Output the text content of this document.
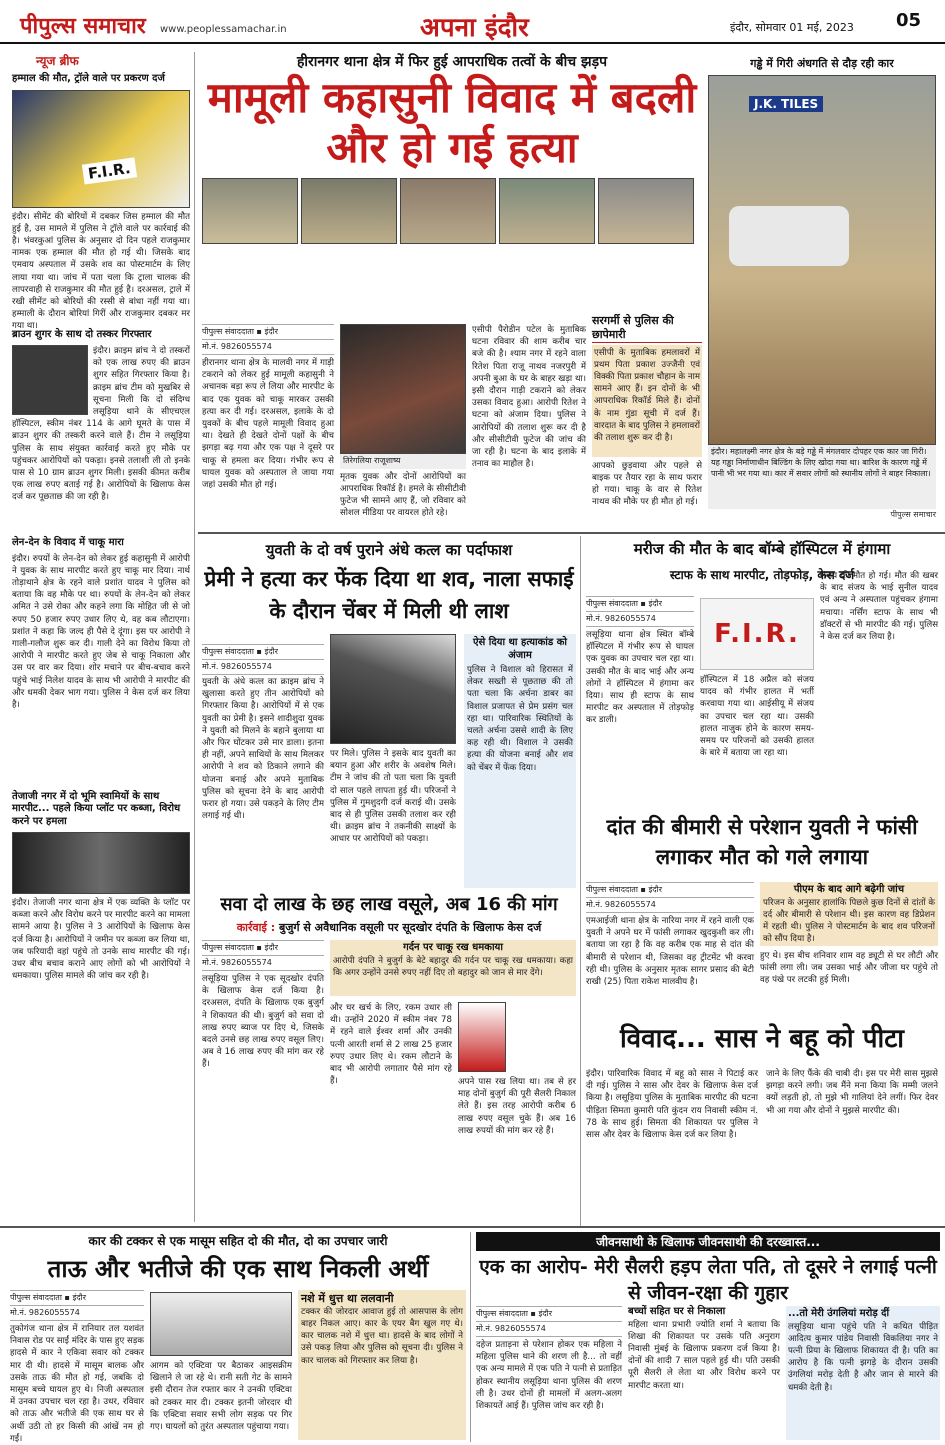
पीपुल्स समाचार www.peoplessamachar.in	अपना इंदौर	इंदौर, सोमवार 01 मई, 2023 05
न्यूज ब्रीफ
हम्माल की मौत, ट्रॉले वाले पर प्रकरण दर्ज
F.I.R.
इंदौर। सीमेंट की बोरियों में दबकर जिस हम्माल की मौत हुई है, उस मामले में पुलिस ने ट्रॉले वाले पर कार्रवाई की है। भंवरकुआं पुलिस के अनुसार दो दिन पहले राजकुमार नामक एक हम्माल की मौत हो गई थी। जिसके बाद एमवाय अस्पताल में उसके शव का पोस्टमार्टम के लिए लाया गया था। जांच में पता चला कि ट्राला चालक की लापरवाही से राजकुमार की मौत हुई है। दरअसल, ट्राले में रखी सीमेंट को बोरियों की रस्सी से बांधा नहीं गया था। हम्माली के दौरान बोरियां गिरीं और राजकुमार दबकर मर गया था।
ब्राउन शुगर के साथ दो तस्कर गिरफ्तार
इंदौर। क्राइम ब्रांच ने दो तस्करों को एक लाख रुपए की ब्राउन शुगर सहित गिरफ्तार किया है। क्राइम ब्रांच टीम को मुखबिर से सूचना मिली कि दो संदिग्ध लसूड़िया थाने के सीएचएल हॉस्पिटल, स्कीम नंबर 114 के आगे घूमते के पास में ब्राउन शुगर की तस्करी करने वाले हैं। टीम ने लसूड़िया पुलिस के साथ संयुक्त कार्रवाई करते हुए मौके पर पहुंचकर आरोपियों को पकड़ा। इनसे तलाशी ली तो इनके पास से 10 ग्राम ब्राउन शुगर मिली। इसकी कीमत करीब एक लाख रुपए बताई गई है। आरोपियों के खिलाफ केस दर्ज कर पूछताछ की जा रही है।
लेन-देन के विवाद में चाकू मारा
इंदौर। रुपयों के लेन-देन को लेकर हुई कहासुनी में आरोपी ने युवक के साथ मारपीट करते हुए चाकू मार दिया। नार्थ तोड़ाथाने क्षेत्र के रहने वाले प्रशांत यादव ने पुलिस को बताया कि वह मौके पर था। रुपयों के लेन-देन को लेकर अमित ने उसे रोका और कहने लगा कि मोहित जी से जो रुपए 50 हजार रुपए उधार लिए थे, वह कब लौटाएगा। प्रशांत ने कहा कि जल्द ही पैसे दे दूंगा। इस पर आरोपी ने गाली-गलौज शुरू कर दी। गाली देने का विरोध किया तो आरोपी ने मारपीट करते हुए जेब से चाकू निकाला और उस पर वार कर दिया। शोर मचाने पर बीच-बचाव करने पहुंचे भाई निलेश यादव के साथ भी आरोपी ने मारपीट की और धमकी देकर भाग गया। पुलिस ने केस दर्ज कर लिया है।
तेजाजी नगर में दो भूमि स्वामियों के साथ मारपीट... पहले किया प्लॉट पर कब्जा, विरोध करने पर हमला
इंदौर। तेजाजी नगर थाना क्षेत्र में एक व्यक्ति के प्लॉट पर कब्जा करने और विरोध करने पर मारपीट करने का मामला सामने आया है। पुलिस ने 3 आरोपियों के खिलाफ केस दर्ज किया है। आरोपियों ने जमीन पर कब्जा कर लिया था, जब फरियादी वहां पहुंचे तो उनके साथ मारपीट की गई। उधर बीच बचाव कराने आए लोगों को भी आरोपियों ने धमकाया। पुलिस मामले की जांच कर रही है।
हीरानगर थाना क्षेत्र में फिर हुई आपराधिक तत्वों के बीच झड़प
मामूली कहासुनी विवाद में बदली और हो गई हत्या
पीपुल्स संवाददाता ▪ इंदौर
मो.नं. 9826055574
हीरानगर थाना क्षेत्र के मालवी नगर में गाड़ी टकराने को लेकर हुई मामूली कहासुनी ने अचानक बड़ा रूप ले लिया और मारपीट के बाद एक युवक को चाकू मारकर उसकी हत्या कर दी गई। दरअसल, इलाके के दो युवकों के बीच पहले मामूली विवाद हुआ था। देखते ही देखते दोनों पक्षों के बीच झगड़ा बढ़ गया और एक पक्ष ने दूसरे पर चाकू से हमला कर दिया। गंभीर रूप से घायल युवक को अस्पताल ले जाया गया जहां उसकी मौत हो गई।
तिरेगलिया राजूशाष्य
मृतक युवक और दोनों आरोपियों का आपराधिक रिकॉर्ड है। हमले के सीसीटीवी फुटेज भी सामने आए हैं, जो रविवार को सोशल मीडिया पर वायरल होते रहे।
एसीपी पैरोडीन पटेल के मुताबिक घटना रविवार की शाम करीब चार बजे की है। श्याम नगर में रहने वाला रितेश पिता राजू नाथव नजरपुरी में अपनी बुआ के घर के बाहर खड़ा था। इसी दौरान गाड़ी टकराने को लेकर उसका विवाद हुआ। आरोपी रितेश ने घटना को अंजाम दिया। पुलिस ने आरोपियों की तलाश शुरू कर दी है और सीसीटीवी फुटेज की जांच की जा रही है। घटना के बाद इलाके में तनाव का माहौल है।
सरगर्मी से पुलिस की छापेमारी
एसीपी के मुताबिक हमलावरों में प्रथम पिता प्रकाश उज्जैनी एवं विक्की पिता प्रकाश चौहान के नाम सामने आए हैं। इन दोनों के भी आपराधिक रिकॉर्ड मिले हैं। दोनों के नाम गुंडा सूची में दर्ज हैं। वारदात के बाद पुलिस ने हमलावरों की तलाश शुरू कर दी है।
आपको छुड़वाया और पहले से बाइक पर तैयार रहा के साथ फरार हो गया। चाकू के वार से रितेश नाथव की मौके पर ही मौत हो गई।
गड्ढे में गिरी अंधगति से दौड़ रही कार
J.K. TILES
इंदौर। महालक्ष्मी नगर क्षेत्र के बड़े गड्ढे में मंगलवार दोपहर एक कार जा गिरी। यह गड्ढा निर्माणाधीन बिल्डिंग के लिए खोदा गया था। बारिश के कारण गड्ढे में पानी भी भर गया था। कार में सवार लोगों को स्थानीय लोगों ने बाहर निकाला।
पीपुल्स समाचार
युवती के दो वर्ष पुराने अंधे कत्ल का पर्दाफाश
प्रेमी ने हत्या कर फेंक दिया था शव, नाला सफाई के दौरान चेंबर में मिली थी लाश
पीपुल्स संवाददाता ▪ इंदौर
मो.नं. 9826055574
युवती के अंधे कत्ल का क्राइम ब्रांच ने खुलासा करते हुए तीन आरोपियों को गिरफ्तार किया है। आरोपियों में से एक युवती का प्रेमी है। इसने शादीशुदा युवक ने युवती को मिलने के बहाने बुलाया था और फिर घोंटकर उसे मार डाला। इतना ही नहीं, अपने साथियों के साथ मिलकर आरोपी ने शव को ठिकाने लगाने की योजना बनाई और अपने मुताबिक पुलिस को सूचना देने के बाद आरोपी फरार हो गया। उसे पकड़ने के लिए टीम लगाई गई थी।
पर मिले। पुलिस ने इसके बाद युवती का बयान हुआ और शरीर के अवशेष मिले। टीम ने जांच की तो पता चला कि युवती दो साल पहले लापता हुई थी। परिजनों ने पुलिस में गुमशुदगी दर्ज कराई थी। उसके बाद से ही पुलिस उसकी तलाश कर रही थी। क्राइम ब्रांच ने तकनीकी साक्ष्यों के आधार पर आरोपियों को पकड़ा।
ऐसे दिया था हत्याकांड को अंजाम
पुलिस ने विशाल को हिरासत में लेकर सख्ती से पूछताछ की तो पता चला कि अर्चना डाबर का विशाल प्रजापत से प्रेम प्रसंग चल रहा था। पारिवारिक स्थितियों के चलते अर्चना उससे शादी के लिए कह रही थी। विशाल ने उसकी हत्या की योजना बनाई और शव को चेंबर में फेंक दिया।
सवा दो लाख के छह लाख वसूले, अब 16 की मांग
कार्रवाई : बुजुर्ग से अवैधानिक वसूली पर सूदखोर दंपति के खिलाफ केस दर्ज
पीपुल्स संवाददाता ▪ इंदौर
मो.नं. 9826055574
लसूड़िया पुलिस ने एक सूदखोर दंपति के खिलाफ केस दर्ज किया है। दरअसल, दंपति के खिलाफ एक बुजुर्ग ने शिकायत की थी। बुजुर्ग को सवा दो लाख रुपए ब्याज पर दिए थे, जिसके बदले उनसे छह लाख रुपए वसूल लिए। अब वे 16 लाख रुपए की मांग कर रहे हैं।
गर्दन पर चाकू रख धमकाया
आरोपी दंपति ने बुजुर्ग के बेटे बहादुर की गर्दन पर चाकू रख धमकाया। कहा कि अगर उन्होंने उनसे रुपए नहीं दिए तो बहादुर को जान से मार देंगे।
और घर खर्च के लिए, रकम उधार ली थी। उन्होंने 2020 में स्कीम नंबर 78 में रहने वाले ईश्वर शर्मा और उनकी पत्नी आरती शर्मा से 2 लाख 25 हजार रुपए उधार लिए थे। रकम लौटाने के बाद भी आरोपी लगातार पैसे मांग रहे हैं।	अपने पास रख लिया था। तब से हर माह दोनों बुजुर्ग की पूरी सैलरी निकाल लेते हैं। इस तरह आरोपी करीब 6 लाख रुपए वसूल चुके हैं। अब 16 लाख रुपयों की मांग कर रहे हैं।
मरीज की मौत के बाद बॉम्बे हॉस्पिटल में हंगामा
स्टाफ के साथ मारपीट, तोड़फोड़, केस दर्ज
पीपुल्स संवाददाता ▪ इंदौर
मो.नं. 9826055574
लसूड़िया थाना क्षेत्र स्थित बॉम्बे हॉस्पिटल में गंभीर रूप से घायल एक युवक का उपचार चल रहा था। उसकी मौत के बाद भाई और अन्य लोगों ने हॉस्पिटल में हंगामा कर दिया। साथ ही स्टाफ के साथ मारपीट कर अस्पताल में तोड़फोड़ कर डाली।
F.I.R.
हॉस्पिटल में 18 अप्रैल को संजय यादव को गंभीर हालत में भर्ती करवाया गया था। आईसीयू में संजय का उपचार चल रहा था। उसकी हालत नाजुक होने के कारण समय-समय पर परिजनों को उसकी हालत के बारे में बताया जा रहा था।
संजय की मौत हो गई। मौत की खबर के बाद संजय के भाई सुनील यादव एवं अन्य ने अस्पताल पहुंचकर हंगामा मचाया। नर्सिंग स्टाफ के साथ भी डॉक्टरों से भी मारपीट की गई। पुलिस ने केस दर्ज कर लिया है।
दांत की बीमारी से परेशान युवती ने फांसी लगाकर मौत को गले लगाया
पीपुल्स संवाददाता ▪ इंदौर
मो.नं. 9826055574
एमआईजी थाना क्षेत्र के नारिया नगर में रहने वाली एक युवती ने अपने घर में फांसी लगाकर खुदकुशी कर ली। बताया जा रहा है कि वह करीब एक माह से दांत की बीमारी से परेशान थी, जिसका वह ट्रीटमेंट भी करवा रही थी। पुलिस के अनुसार मृतक सागर प्रसाद की बेटी राखी (25) पिता राकेश मालवीय है।
पीएम के बाद आगे बढ़ेगी जांच
परिजन के अनुसार हालांकि पिछले कुछ दिनों से दांतों के दर्द और बीमारी से परेशान थी। इस कारण वह डिप्रेशन में रहती थी। पुलिस ने पोस्टमार्टम के बाद शव परिजनों को सौंप दिया है।
हुए थे। इस बीच शनिवार शाम वह ड्यूटी से घर लौटी और फांसी लगा ली। जब उसका भाई और जीजा घर पहुंचे तो वह पंखे पर लटकी हुई मिली।
विवाद... सास ने बहू को पीटा
इंदौर। पारिवारिक विवाद में बहू को सास ने पिटाई कर दी गई। पुलिस ने सास और देवर के खिलाफ केस दर्ज किया है। लसूड़िया पुलिस के मुताबिक मारपीट की घटना पीड़िता सिमता कुमारी पति कुंदन राय निवासी स्कीम नं. 78 के साथ हुई। सिमता की शिकायत पर पुलिस ने सास और देवर के खिलाफ केस दर्ज कर लिया है।
जाने के लिए फैंके की चाबी दी। इस पर मेरी सास मुझसे झगड़ा करने लगी। जब मैंने मना किया कि मम्मी जलने क्यों लड़ती हो, तो मुझे भी गालियां देने लगीं। फिर देवर भी आ गया और दोनों ने मुझसे मारपीट की।
कार की टक्कर से एक मासूम सहित दो की मौत, दो का उपचार जारी
ताऊ और भतीजे की एक साथ निकली अर्थी
पीपुल्स संवाददाता ▪ इंदौर
मो.नं. 9826055574
तुकोगंज थाना क्षेत्र में रानियार तल यशवंत निवास रोड पर साईं मंदिर के पास हुए सड़क हादसे में कार ने एकिवा सवार को टक्कर मार दी थी। हादसे में मासूम बालक और उसके ताऊ की मौत हो गई, जबकि दो मासूम बच्चे घायल हुए थे। निजी अस्पताल में उनका उपचार चल रहा है। उधर, रविवार को ताऊ और भतीजे की एक साथ घर से अर्थी उठी तो हर किसी की आंखें नम हो गईं।
आगम को एक्टिवा पर बैठाकर आइसक्रीम खिलाने ले जा रहे थे। रानी सती गेट के सामने इसी दौरान तेज रफ्तार कार ने उनकी एक्टिवा को टक्कर मार दी। टक्कर इतनी जोरदार थी कि एक्टिवा सवार सभी लोग सड़क पर गिर गए। घायलों को तुरंत अस्पताल पहुंचाया गया।
नशे में धुत्त था ललवानी
टक्कर की जोरदार आवाज हुई तो आसपास के लोग बाहर निकल आए। कार के एयर बैग खुल गए थे। कार चालक नशे में धुत्त था। हादसे के बाद लोगों ने उसे पकड़ लिया और पुलिस को सूचना दी। पुलिस ने कार चालक को गिरफ्तार कर लिया है।
जीवनसाथी के खिलाफ जीवनसाथी की दरख्वास्त...
एक का आरोप- मेरी सैलरी हड़प लेता पति, तो दूसरे ने लगाई पत्नी से जीवन-रक्षा की गुहार
पीपुल्स संवाददाता ▪ इंदौर
मो.नं. 9826055574
दहेज प्रताड़ना से परेशान होकर एक महिला ने महिला पुलिस थाने की शरण ली है... तो वहीं एक अन्य मामले में एक पति ने पत्नी से प्रताड़ित होकर स्थानीय लसूड़िया थाना पुलिस की शरण ली है। उधर दोनों ही मामलों में अलग-अलग शिकायतें आई हैं। पुलिस जांच कर रही है।
बच्चों सहित घर से निकाला
महिला थाना प्रभारी ज्योति शर्मा ने बताया कि शिखा की शिकायत पर उसके पति अनुराग निवासी मुंबई के खिलाफ प्रकरण दर्ज किया है। दोनों की शादी 7 साल पहले हुई थी। पति उसकी पूरी सैलरी ले लेता था और विरोध करने पर मारपीट करता था।
...तो मेरी उंगलियां मरोड़ दीं
लसूड़िया थाना पहुंचे पति ने कथित पीड़ित आदित्य कुमार पांडेय निवासी विकलिया नगर ने पत्नी प्रिया के खिलाफ शिकायत दी है। पति का आरोप है कि पत्नी झगड़े के दौरान उसकी उंगलियां मरोड़ देती है और जान से मारने की धमकी देती है।
